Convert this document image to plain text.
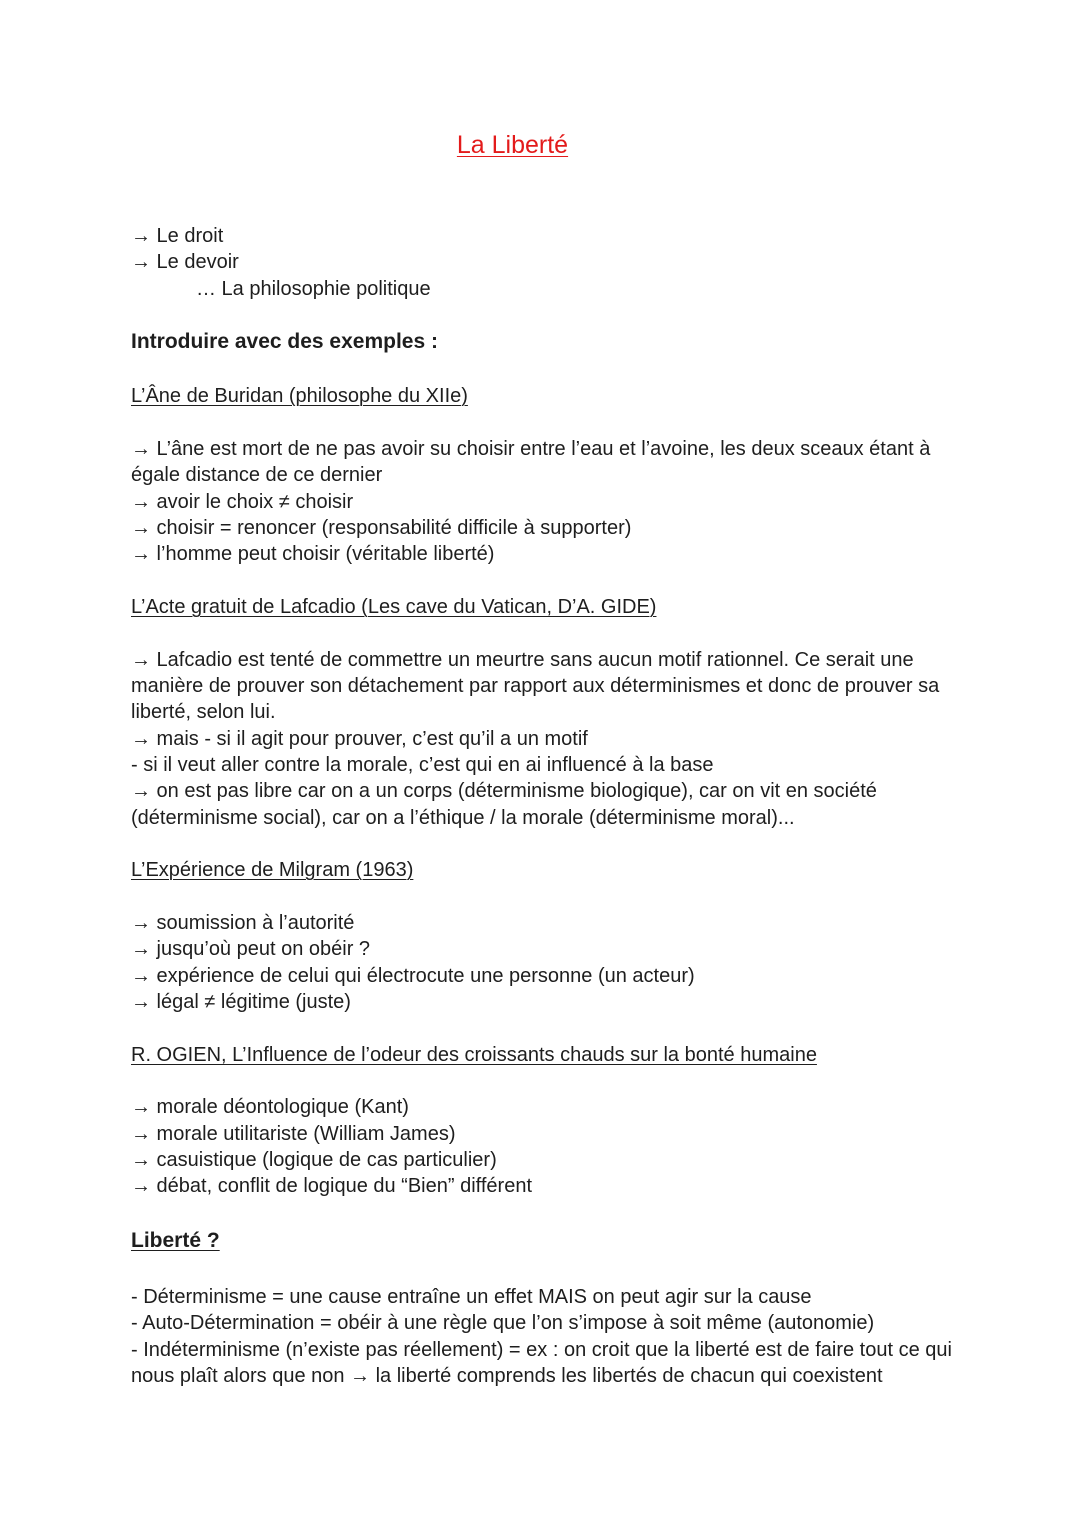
La Liberté
→ Le droit
→ Le devoir
… La philosophie politique
Introduire avec des exemples :
L’Âne de Buridan (philosophe du XIIe)
→ L’âne est mort de ne pas avoir su choisir entre l’eau et l’avoine, les deux sceaux étant à
égale distance de ce dernier
→ avoir le choix ≠ choisir
→ choisir = renoncer (responsabilité difficile à supporter)
→ l’homme peut choisir (véritable liberté)
L’Acte gratuit de Lafcadio (Les cave du Vatican, D’A. GIDE)
→ Lafcadio est tenté de commettre un meurtre sans aucun motif rationnel. Ce serait une
manière de prouver son détachement par rapport aux déterminismes et donc de prouver sa
liberté, selon lui.
→ mais - si il agit pour prouver, c’est qu’il a un motif
- si il veut aller contre la morale, c’est qui en ai influencé à la base
→ on est pas libre car on a un corps (déterminisme biologique), car on vit en société
(déterminisme social), car on a l’éthique / la morale (déterminisme moral)...
L’Expérience de Milgram (1963)
→ soumission à l’autorité
→ jusqu’où peut on obéir ?
→ expérience de celui qui électrocute une personne (un acteur)
→ légal ≠ légitime (juste)
R. OGIEN, L’Influence de l’odeur des croissants chauds sur la bonté humaine
→ morale déontologique (Kant)
→ morale utilitariste (William James)
→ casuistique (logique de cas particulier)
→ débat, conflit de logique du “Bien” différent
Liberté ?
- Déterminisme = une cause entraîne un effet MAIS on peut agir sur la cause
- Auto-Détermination = obéir à une règle que l’on s’impose à soit même (autonomie)
- Indéterminisme (n’existe pas réellement) = ex : on croit que la liberté est de faire tout ce qui
nous plaît alors que non → la liberté comprends les libertés de chacun qui coexistent
